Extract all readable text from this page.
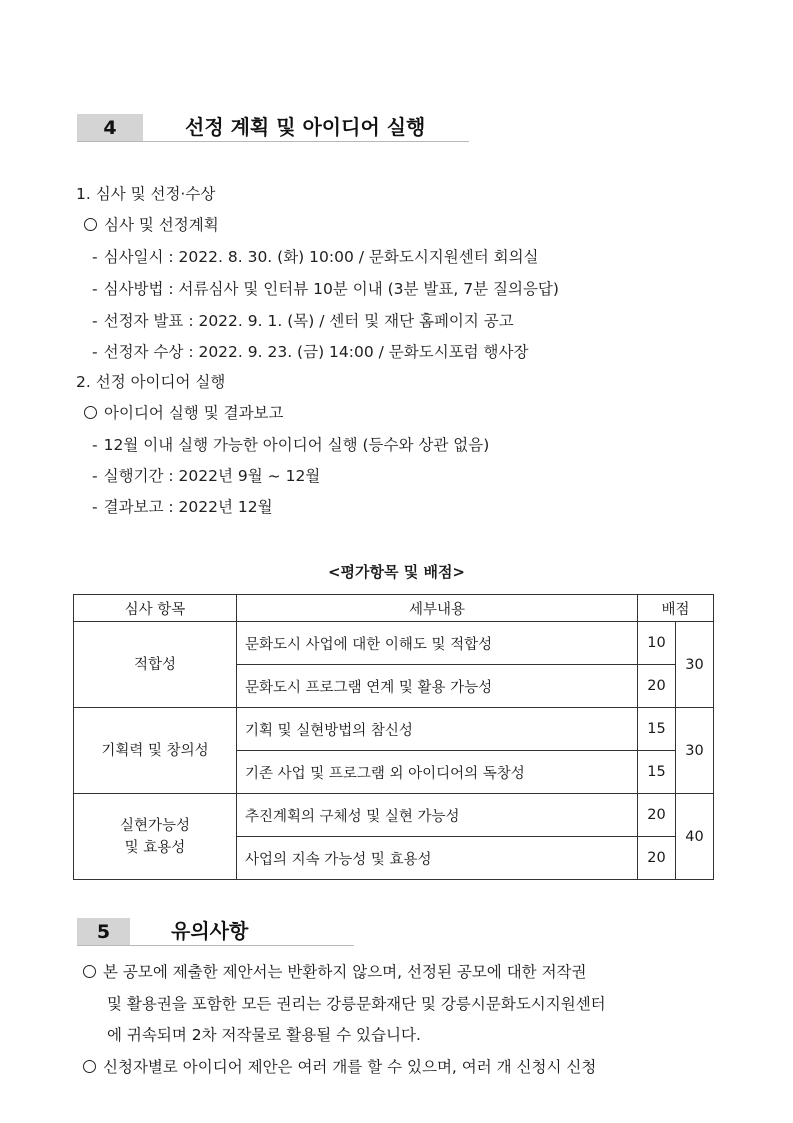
4	선정 계획 및 아이디어 실행
1. 심사 및 선정·수상
심사 및 선정계획
- 심사일시 : 2022. 8. 30. (화) 10:00 / 문화도시지원센터 회의실
- 심사방법 : 서류심사 및 인터뷰 10분 이내 (3분 발표, 7분 질의응답)
- 선정자 발표 : 2022. 9. 1. (목) / 센터 및 재단 홈페이지 공고
- 선정자 수상 : 2022. 9. 23. (금) 14:00 / 문화도시포럼 행사장
2. 선정 아이디어 실행
아이디어 실행 및 결과보고
- 12월 이내 실행 가능한 아이디어 실행 (등수와 상관 없음)
- 실행기간 : 2022년 9월 ~ 12월
- 결과보고 : 2022년 12월
<평가항목 및 배점>
심사 항목	세부내용	배점	
적합성	문화도시 사업에 대한 이해도 및 적합성	10	30
	문화도시 프로그램 연계 및 활용 가능성	20	
기획력 및 창의성	기획 및 실현방법의 참신성	15	30
	기존 사업 및 프로그램 외 아이디어의 독창성	15	

실현가능성
및 효용성	추진계획의 구체성 및 실현 가능성	20	40
	사업의 지속 가능성 및 효용성	20	
5	유의사항
본 공모에 제출한 제안서는 반환하지 않으며, 선정된 공모에 대한 저작권
및 활용권을 포함한 모든 권리는 강릉문화재단 및 강릉시문화도시지원센터
에 귀속되며 2차 저작물로 활용될 수 있습니다.
신청자별로 아이디어 제안은 여러 개를 할 수 있으며, 여러 개 신청시 신청
